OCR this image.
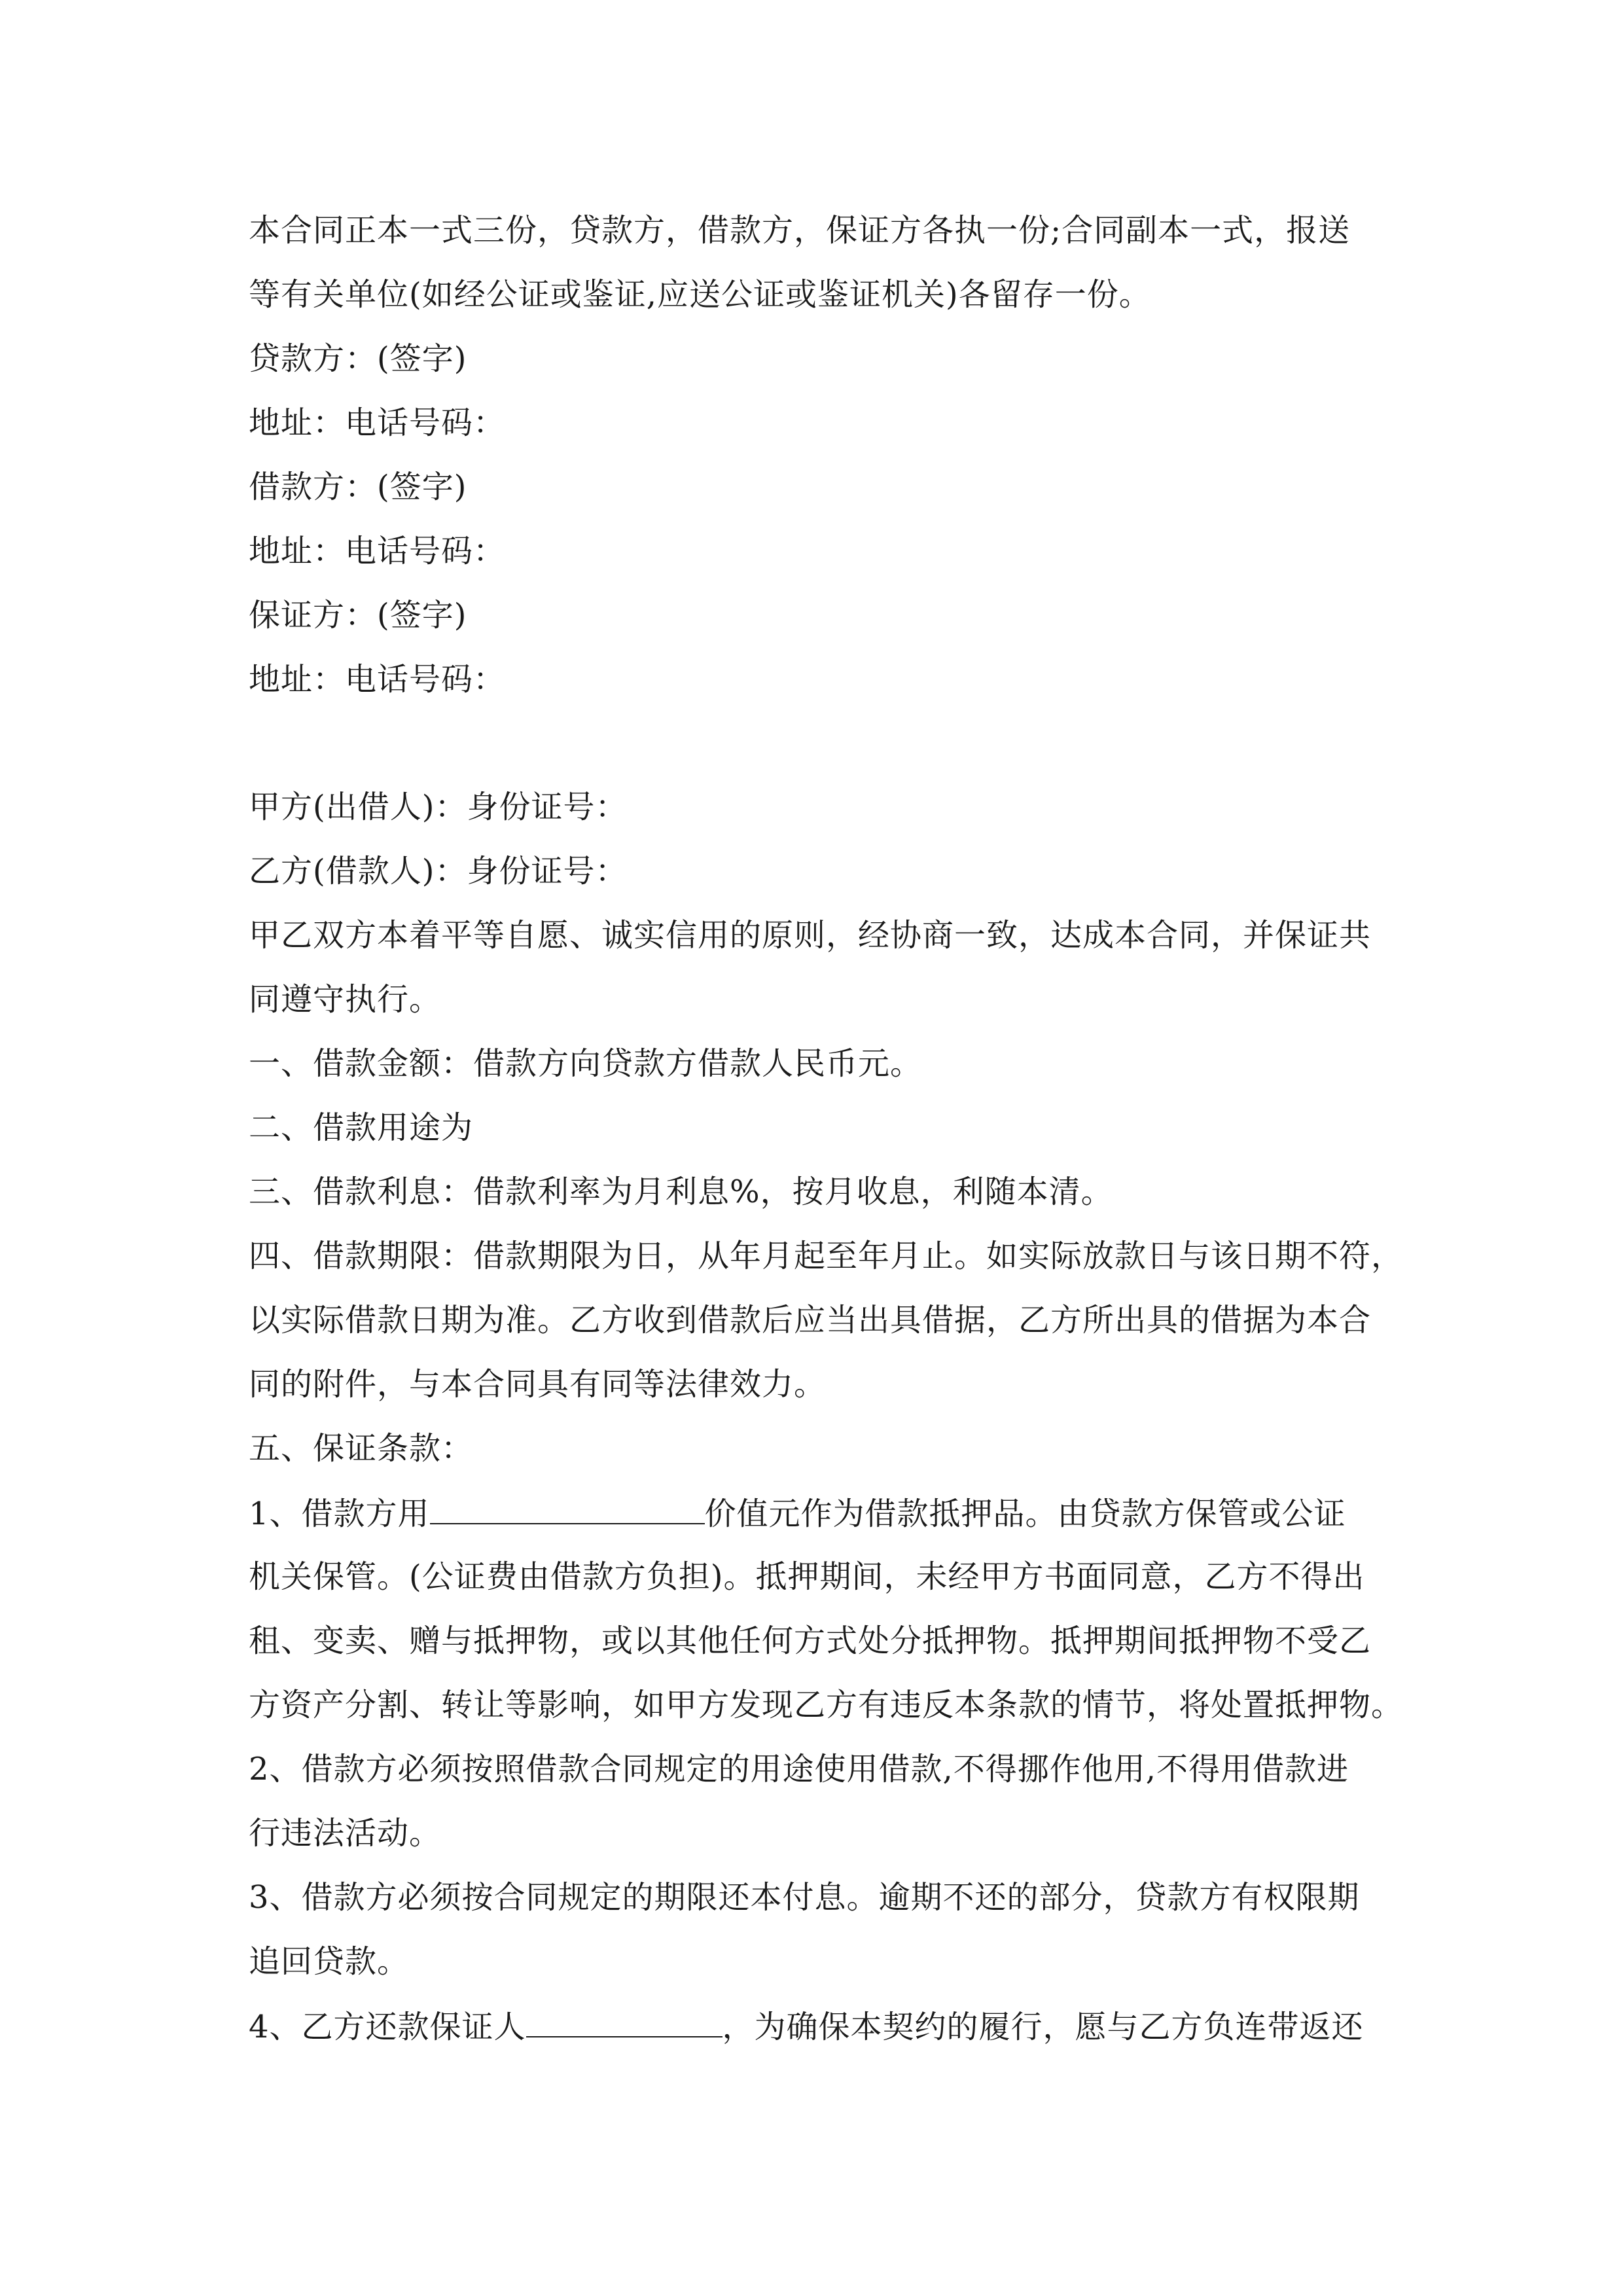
本合同正本一式三份，贷款方，借款方，保证方各执一份;合同副本一式，报送
等有关单位(如经公证或鉴证,应送公证或鉴证机关)各留存一份。
贷款方：(签字)
地址：电话号码：
借款方：(签字)
地址：电话号码：
保证方：(签字)
地址：电话号码：
甲方(出借人)：身份证号：
乙方(借款人)：身份证号：
甲乙双方本着平等自愿、诚实信用的原则，经协商一致，达成本合同，并保证共
同遵守执行。
一、借款金额：借款方向贷款方借款人民币元。
二、借款用途为
三、借款利息：借款利率为月利息%，按月收息，利随本清。
四、借款期限：借款期限为日，从年月起至年月止。如实际放款日与该日期不符，
以实际借款日期为准。乙方收到借款后应当出具借据，乙方所出具的借据为本合
同的附件，与本合同具有同等法律效力。
五、保证条款：
1、借款方用	价值元作为借款抵押品。由贷款方保管或公证
机关保管。(公证费由借款方负担)。抵押期间，未经甲方书面同意，乙方不得出
租、变卖、赠与抵押物，或以其他任何方式处分抵押物。抵押期间抵押物不受乙
方资产分割、转让等影响，如甲方发现乙方有违反本条款的情节，将处置抵押物。
2、借款方必须按照借款合同规定的用途使用借款,不得挪作他用,不得用借款进
行违法活动。
3、借款方必须按合同规定的期限还本付息。逾期不还的部分，贷款方有权限期
追回贷款。
4、乙方还款保证人	，为确保本契约的履行，愿与乙方负连带返还
